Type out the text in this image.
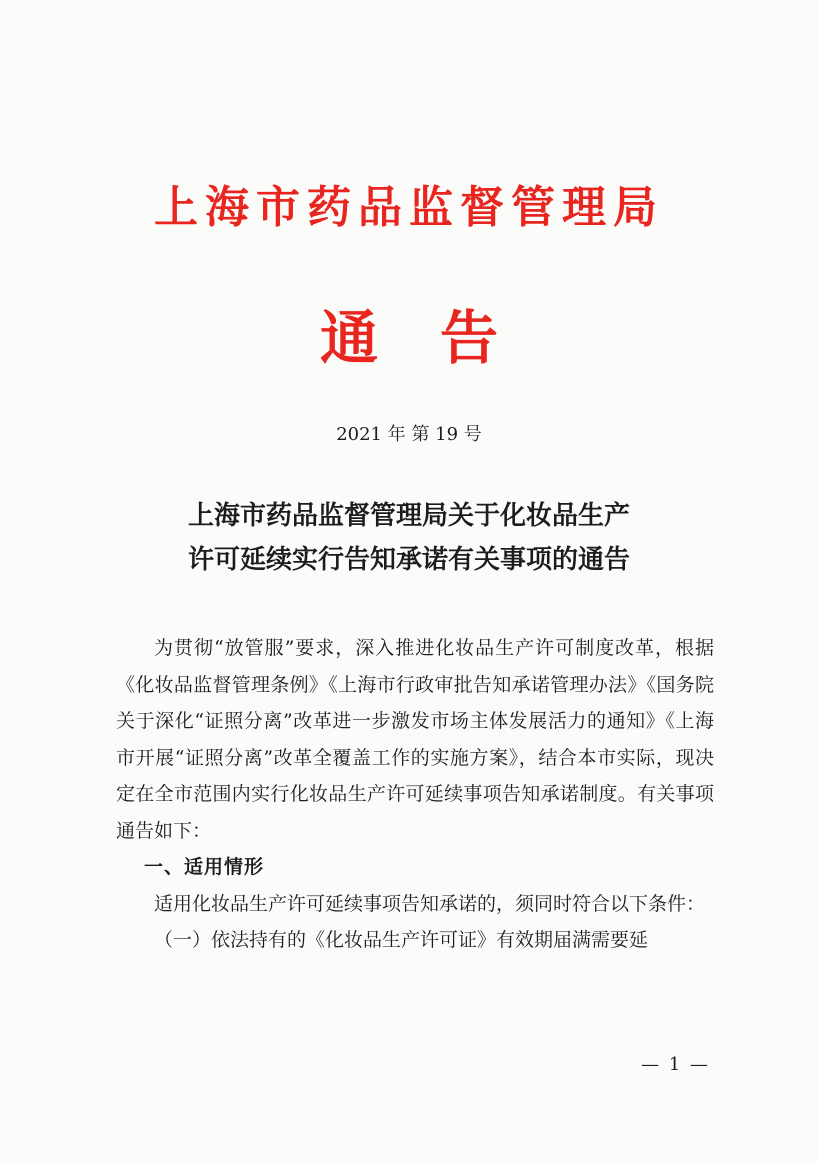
上海市药品监督管理局
通告
2021 年 第 19 号
上海市药品监督管理局关于化妆品生产
许可延续实行告知承诺有关事项的通告

为贯彻“放管服”要求，深入推进化妆品生产许可制度改革，根据《化妆品监督管理条例》《上海市行政审批告知承诺管理办法》《国务院关于深化“证照分离”改革进一步激发市场主体发展活力的通知》《上海市开展“证照分离”改革全覆盖工作的实施方案》，结合本市实际，现决定在全市范围内实行化妆品生产许可延续事项告知承诺制度。有关事项通告如下：

一、适用情形

适用化妆品生产许可延续事项告知承诺的，须同时符合以下条件：

（一）依法持有的《化妆品生产许可证》有效期届满需要延

— 1 —
